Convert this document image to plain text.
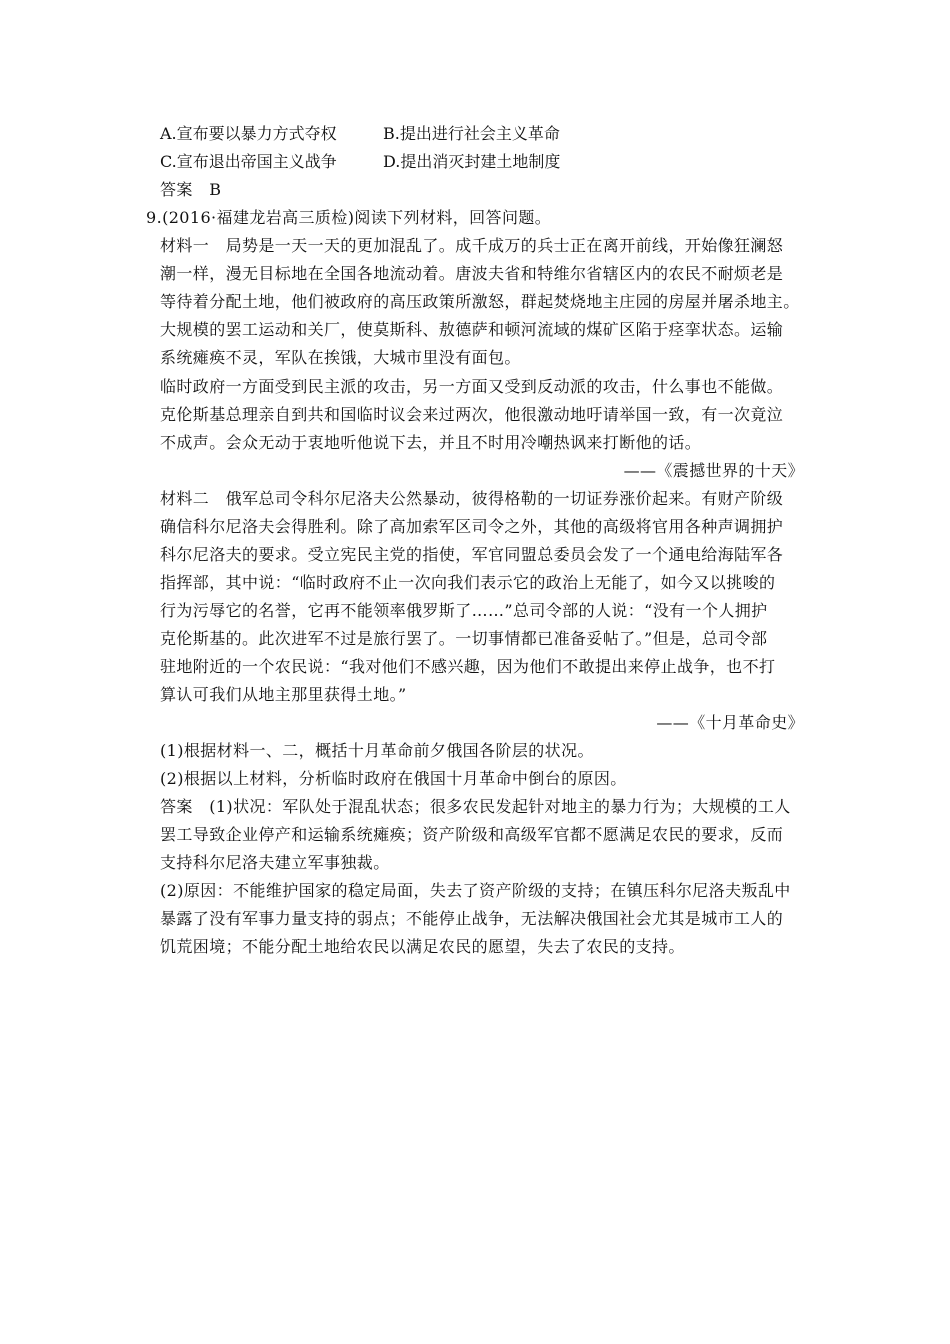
A.宣布要以暴力方式夺权	B.提出进行社会主义革命
C.宣布退出帝国主义战争	D.提出消灭封建土地制度
答案　B
9.(2016·福建龙岩高三质检)阅读下列材料，回答问题。
材料一　局势是一天一天的更加混乱了。成千成万的兵士正在离开前线，开始像狂澜怒
潮一样，漫无目标地在全国各地流动着。唐波夫省和特维尔省辖区内的农民不耐烦老是
等待着分配土地，他们被政府的高压政策所激怒，群起焚烧地主庄园的房屋并屠杀地主。
大规模的罢工运动和关厂，使莫斯科、敖德萨和顿河流域的煤矿区陷于痉挛状态。运输
系统瘫痪不灵，军队在挨饿，大城市里没有面包。
临时政府一方面受到民主派的攻击，另一方面又受到反动派的攻击，什么事也不能做。
克伦斯基总理亲自到共和国临时议会来过两次，他很激动地吁请举国一致，有一次竟泣
不成声。会众无动于衷地听他说下去，并且不时用冷嘲热讽来打断他的话。
——《震撼世界的十天》
材料二　俄军总司令科尔尼洛夫公然暴动，彼得格勒的一切证券涨价起来。有财产阶级
确信科尔尼洛夫会得胜利。除了高加索军区司令之外，其他的高级将官用各种声调拥护
科尔尼洛夫的要求。受立宪民主党的指使，军官同盟总委员会发了一个通电给海陆军各
指挥部，其中说：“临时政府不止一次向我们表示它的政治上无能了，如今又以挑唆的
行为污辱它的名誉，它再不能领率俄罗斯了……”总司令部的人说：“没有一个人拥护
克伦斯基的。此次进军不过是旅行罢了。一切事情都已准备妥帖了。”但是，总司令部
驻地附近的一个农民说：“我对他们不感兴趣，因为他们不敢提出来停止战争，也不打
算认可我们从地主那里获得土地。”
——《十月革命史》
(1)根据材料一、二，概括十月革命前夕俄国各阶层的状况。
(2)根据以上材料，分析临时政府在俄国十月革命中倒台的原因。
答案　(1)状况：军队处于混乱状态；很多农民发起针对地主的暴力行为；大规模的工人
罢工导致企业停产和运输系统瘫痪；资产阶级和高级军官都不愿满足农民的要求，反而
支持科尔尼洛夫建立军事独裁。
(2)原因：不能维护国家的稳定局面，失去了资产阶级的支持；在镇压科尔尼洛夫叛乱中
暴露了没有军事力量支持的弱点；不能停止战争，无法解决俄国社会尤其是城市工人的
饥荒困境；不能分配土地给农民以满足农民的愿望，失去了农民的支持。
